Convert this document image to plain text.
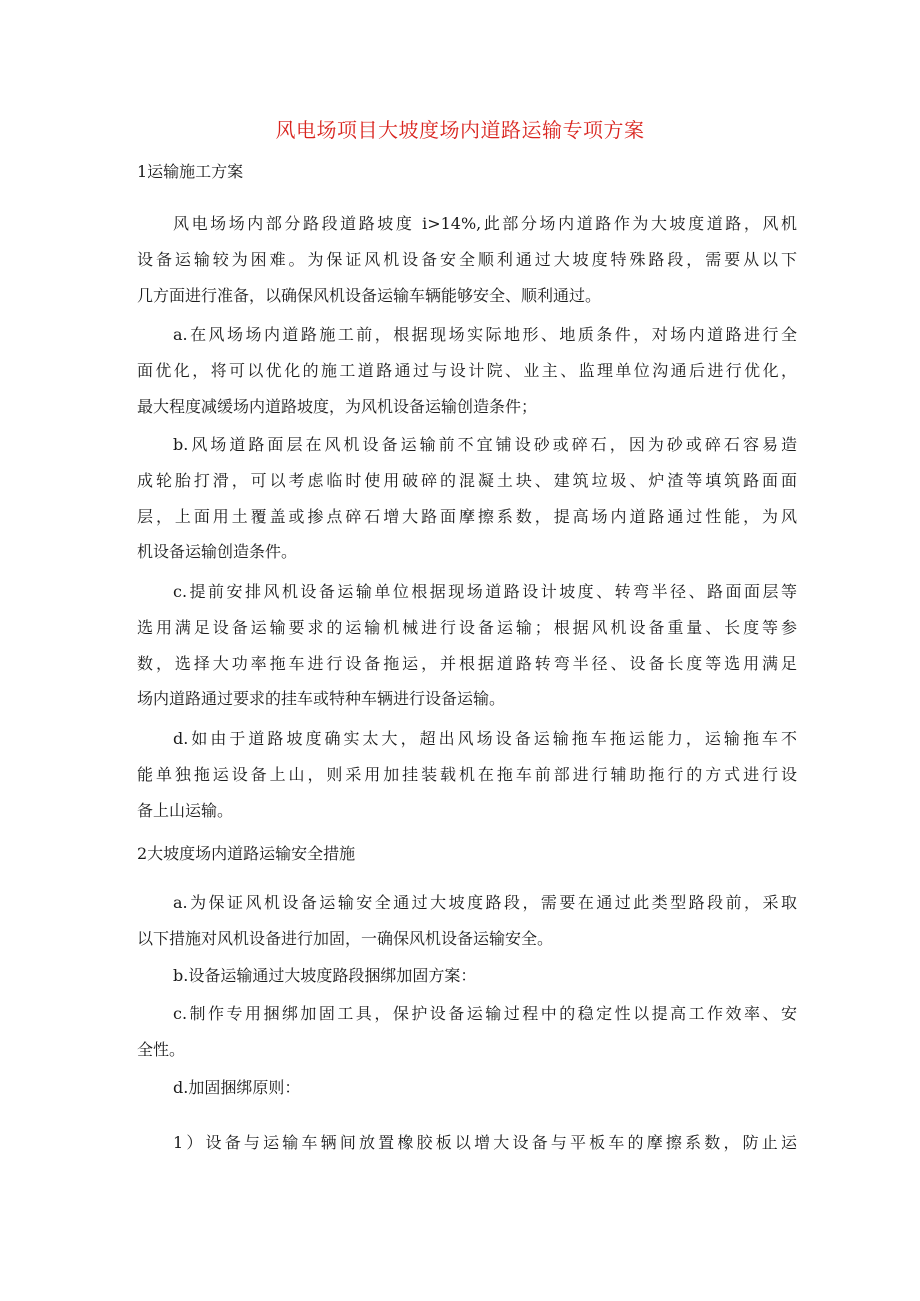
风电场项目大坡度场内道路运输专项方案
1运输施工方案
风电场场内部分路段道路坡度 i>14%,此部分场内道路作为大坡度道路，风机
设备运输较为困难。为保证风机设备安全顺利通过大坡度特殊路段，需要从以下
几方面进行准备，以确保风机设备运输车辆能够安全、顺利通过。
a.在风场场内道路施工前，根据现场实际地形、地质条件，对场内道路进行全
面优化，将可以优化的施工道路通过与设计院、业主、监理单位沟通后进行优化，
最大程度减缓场内道路坡度，为风机设备运输创造条件；
b.风场道路面层在风机设备运输前不宜铺设砂或碎石，因为砂或碎石容易造
成轮胎打滑，可以考虑临时使用破碎的混凝土块、建筑垃圾、炉渣等填筑路面面
层，上面用土覆盖或掺点碎石增大路面摩擦系数，提高场内道路通过性能，为风
机设备运输创造条件。
c.提前安排风机设备运输单位根据现场道路设计坡度、转弯半径、路面面层等
选用满足设备运输要求的运输机械进行设备运输；根据风机设备重量、长度等参
数，选择大功率拖车进行设备拖运，并根据道路转弯半径、设备长度等选用满足
场内道路通过要求的挂车或特种车辆进行设备运输。
d.如由于道路坡度确实太大，超出风场设备运输拖车拖运能力，运输拖车不
能单独拖运设备上山，则采用加挂装载机在拖车前部进行辅助拖行的方式进行设
备上山运输。
2大坡度场内道路运输安全措施
a.为保证风机设备运输安全通过大坡度路段，需要在通过此类型路段前，采取
以下措施对风机设备进行加固，一确保风机设备运输安全。
b.设备运输通过大坡度路段捆绑加固方案：
c.制作专用捆绑加固工具，保护设备运输过程中的稳定性以提高工作效率、安
全性。
d.加固捆绑原则：
1）设备与运输车辆间放置橡胶板以增大设备与平板车的摩擦系数，防止运
